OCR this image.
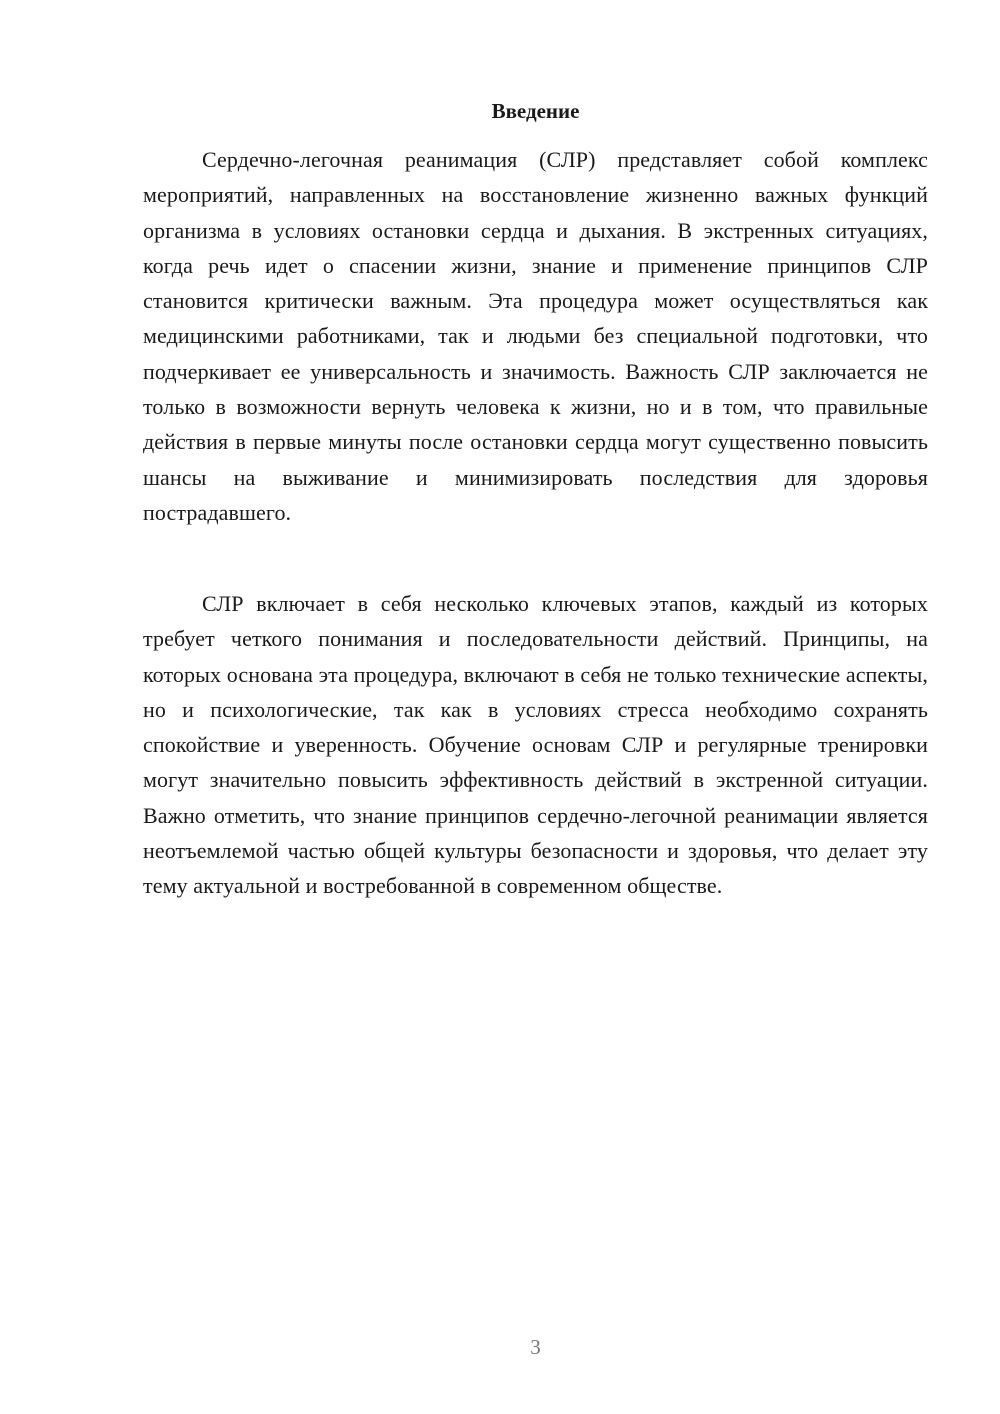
Введение

Сердечно-легочная реанимация (СЛР) представляет собой комплекс мероприятий, направленных на восстановление жизненно важных функций организма в условиях остановки сердца и дыхания. В экстренных ситуациях, когда речь идет о спасении жизни, знание и применение принципов СЛР становится критически важным. Эта процедура может осуществляться как медицинскими работниками, так и людьми без специальной подготовки, что подчеркивает ее универсальность и значимость. Важность СЛР заключается не только в возможности вернуть человека к жизни, но и в том, что правильные действия в первые минуты после остановки сердца могут существенно повысить шансы на выживание и минимизировать последствия для здоровья пострадавшего.

СЛР включает в себя несколько ключевых этапов, каждый из которых требует четкого понимания и последовательности действий. Принципы, на которых основана эта процедура, включают в себя не только технические аспекты, но и психологические, так как в условиях стресса необходимо сохранять спокойствие и уверенность. Обучение основам СЛР и регулярные тренировки могут значительно повысить эффективность действий в экстренной ситуации. Важно отметить, что знание принципов сердечно-легочной реанимации является неотъемлемой частью общей культуры безопасности и здоровья, что делает эту тему актуальной и востребованной в современном обществе.

3
